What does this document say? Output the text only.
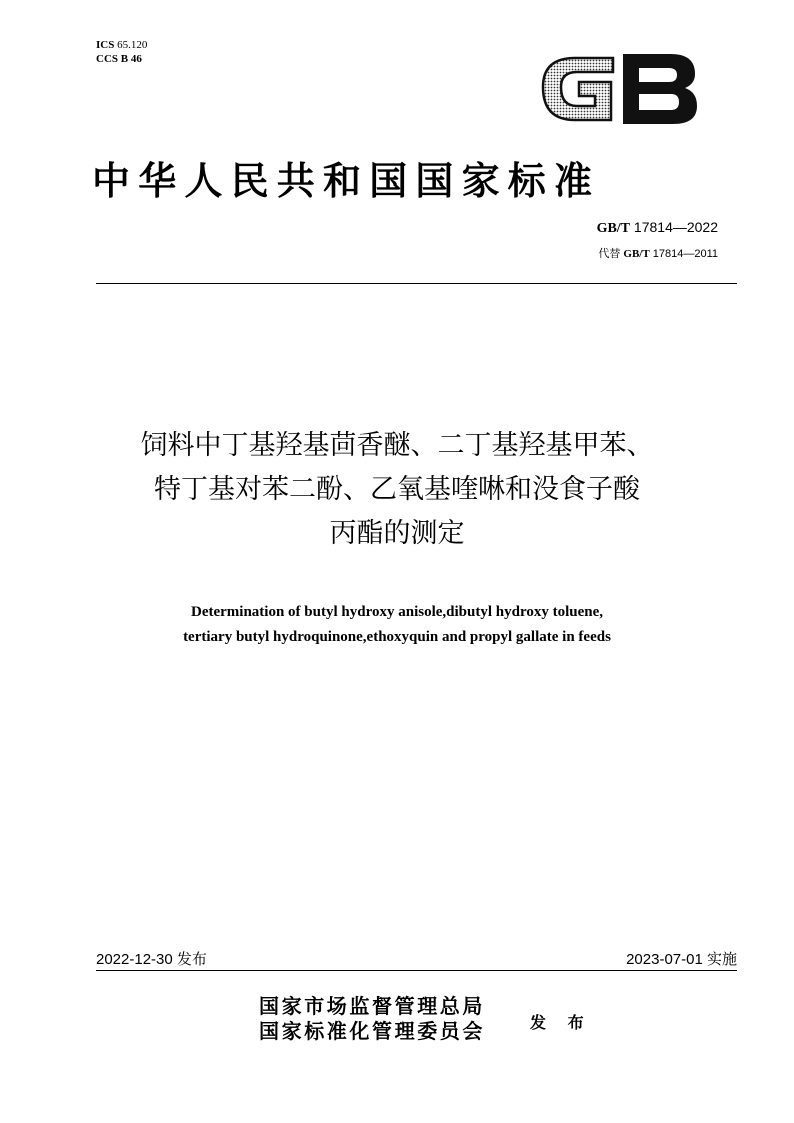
ICS 65.120
CCS B 46
中华人民共和国国家标准
GB/T 17814—2022
代替 GB/T 17814—2011
饲料中丁基羟基茴香醚、二丁基羟基甲苯、
特丁基对苯二酚、乙氧基喹啉和没食子酸
丙酯的测定
Determination of butyl hydroxy anisole,dibutyl hydroxy toluene,
tertiary butyl hydroquinone,ethoxyquin and propyl gallate in feeds
2022-12-30 发布	2023-07-01 实施
国家市场监督管理总局
国家标准化管理委员会	发 布
